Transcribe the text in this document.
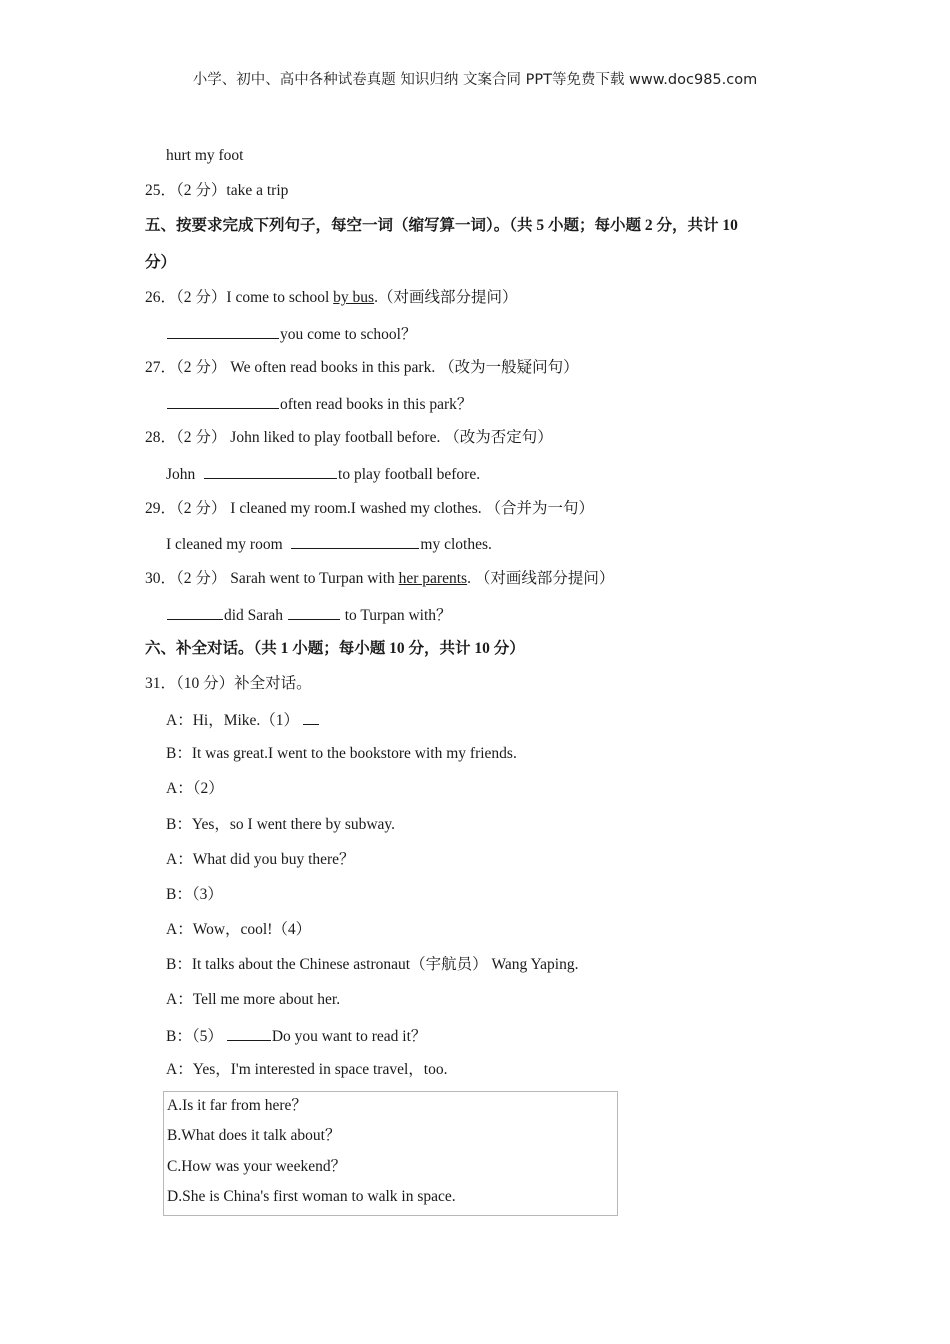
小学、初中、高中各种试卷真题 知识归纳 文案合同 PPT等免费下载 www.doc985.com
hurt my foot
25．（2 分）take a trip
五、按要求完成下列句子，每空一词（缩写算一词）。（共 5 小题；每小题 2 分，共计 10
分）
26．（2 分）I come to school by bus.（对画线部分提问）
you come to school？
27．（2 分） We often read books in this park. （改为一般疑问句）
often read books in this park？
28．（2 分） John liked to play football before. （改为否定句）
John	to play football before.
29．（2 分） I cleaned my room.I washed my clothes. （合并为一句）
I cleaned my room	my clothes.
30．（2 分） Sarah went to Turpan with her parents. （对画线部分提问）
did Sarah	to Turpan with？
六、补全对话。（共 1 小题；每小题 10 分，共计 10 分）
31．（10 分）补全对话。
A：Hi，Mike.（1）
B：It was great.I went to the bookstore with my friends.
A：（2）
B：Yes，so I went there by subway.
A：What did you buy there？
B：（3）
A：Wow，cool!（4）
B：It talks about the Chinese astronaut（宇航员） Wang Yaping.
A：Tell me more about her.
B：（5）	Do you want to read it？
A：Yes，I'm interested in space travel，too.
A.Is it far from here？
B.What does it talk about？
C.How was your weekend？
D.She is China's first woman to walk in space.
